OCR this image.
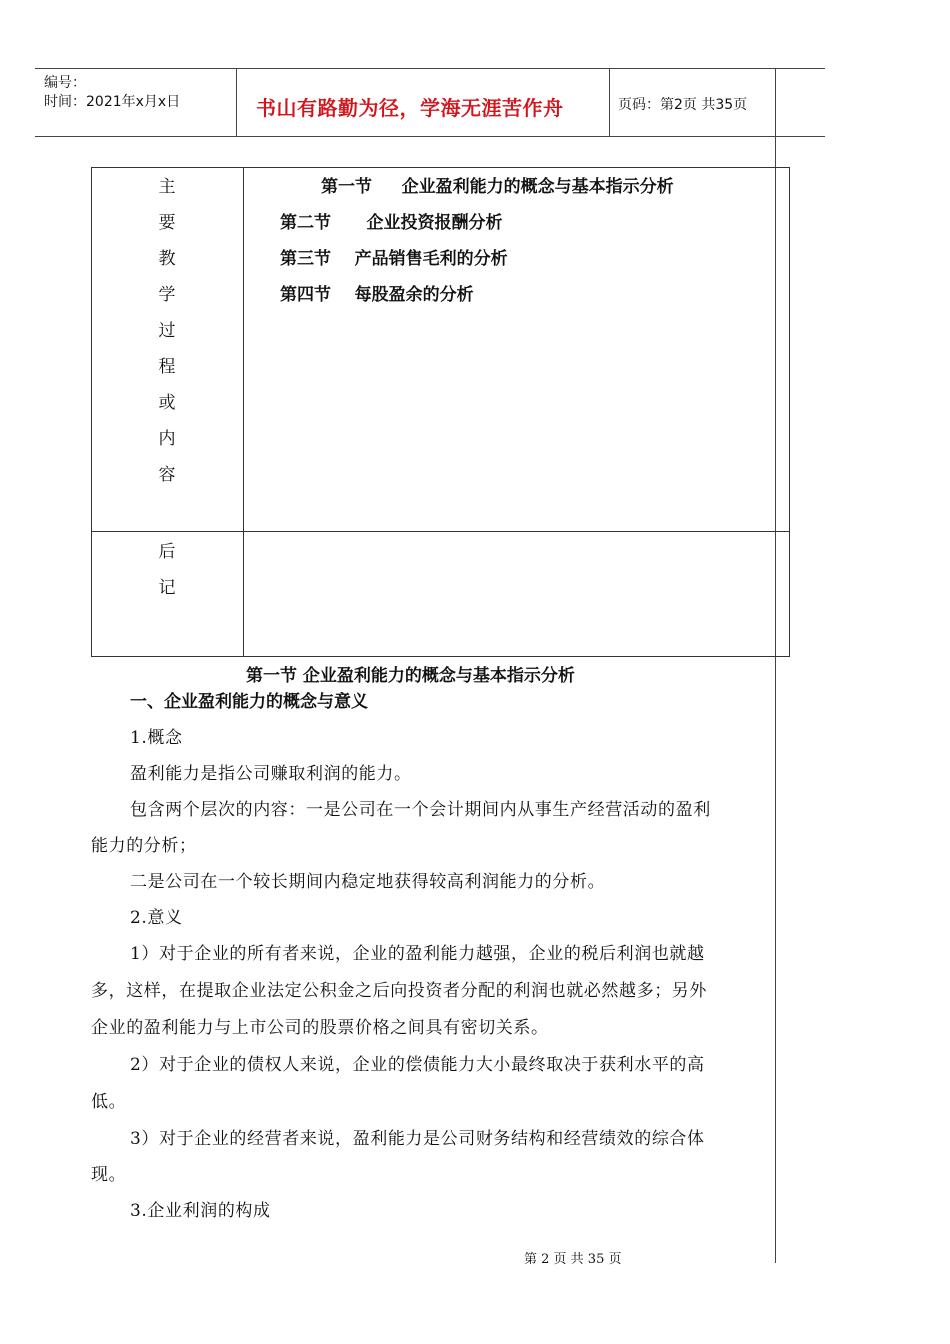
编号：
时间：2021年x月x日	书山有路勤为径，学海无涯苦作舟	页码：第2页 共35页
主
要
教
学
过
程
或
内
容
第一节     企业盈利能力的概念与基本指示分析
第二节      企业投资报酬分析
第三节    产品销售毛利的分析
第四节    每股盈余的分析
后
记
第一节 企业盈利能力的概念与基本指示分析
一、企业盈利能力的概念与意义
1.概念
盈利能力是指公司赚取利润的能力。
包含两个层次的内容：一是公司在一个会计期间内从事生产经营活动的盈利
能力的分析；
二是公司在一个较长期间内稳定地获得较高利润能力的分析。
2.意义
1）对于企业的所有者来说，企业的盈利能力越强，企业的税后利润也就越
多，这样，在提取企业法定公积金之后向投资者分配的利润也就必然越多；另外
企业的盈利能力与上市公司的股票价格之间具有密切关系。
2）对于企业的债权人来说，企业的偿债能力大小最终取决于获利水平的高
低。
3）对于企业的经营者来说，盈利能力是公司财务结构和经营绩效的综合体
现。
3.企业利润的构成
第 2 页 共 35 页
